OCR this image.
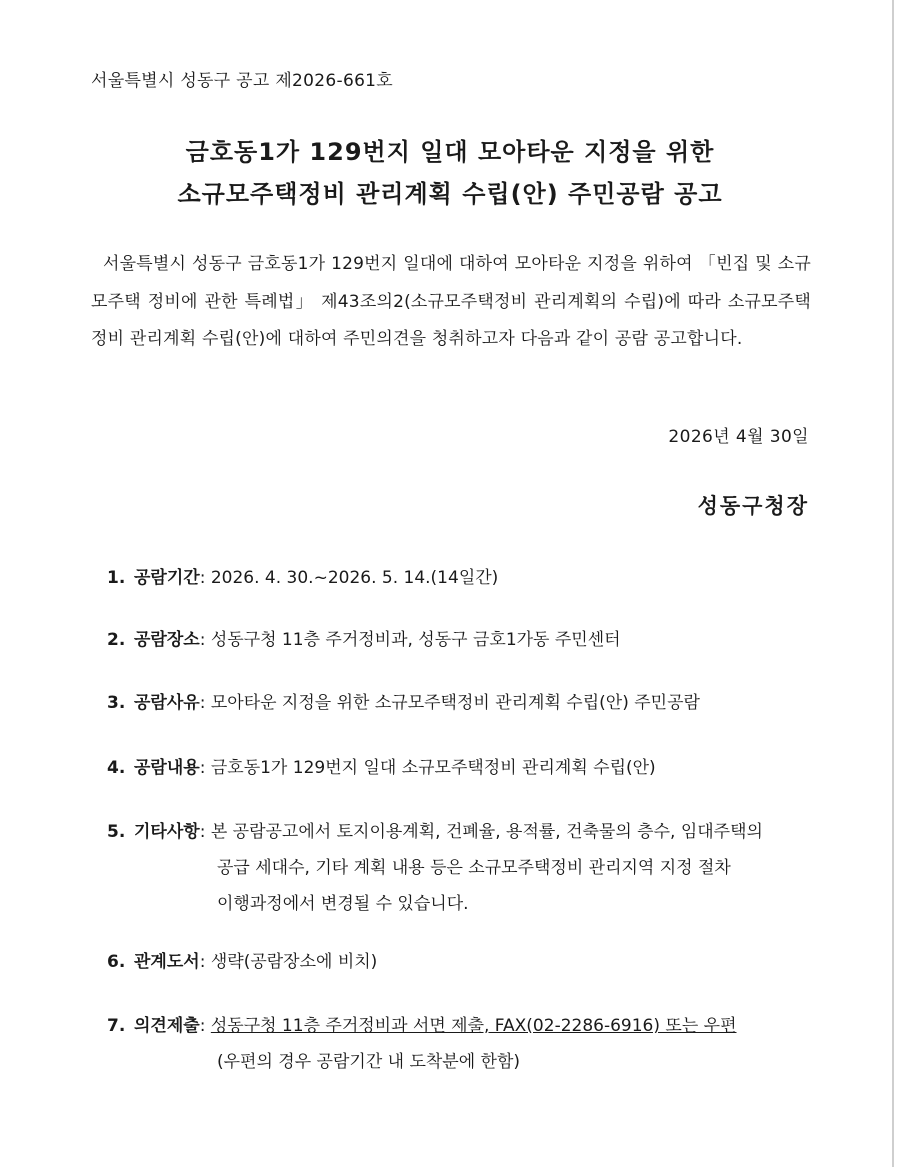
서울특별시 성동구 공고 제2026-661호
금호동1가 129번지 일대 모아타운 지정을 위한
소규모주택정비 관리계획 수립(안) 주민공람 공고
서울특별시 성동구 금호동1가 129번지 일대에 대하여 모아타운 지정을 위하여 「빈집 및 소규모주택 정비에 관한 특례법」 제43조의2(소규모주택정비 관리계획의 수립)에 따라 소규모주택정비 관리계획 수립(안)에 대하여 주민의견을 청취하고자 다음과 같이 공람 공고합니다.
2026년 4월 30일
성동구청장
1. 공람기간: 2026. 4. 30.~2026. 5. 14.(14일간)
2. 공람장소: 성동구청 11층 주거정비과, 성동구 금호1가동 주민센터
3. 공람사유: 모아타운 지정을 위한 소규모주택정비 관리계획 수립(안) 주민공람
4. 공람내용: 금호동1가 129번지 일대 소규모주택정비 관리계획 수립(안)
5. 기타사항: 본 공람공고에서 토지이용계획, 건폐율, 용적률, 건축물의 층수, 임대주택의
공급 세대수, 기타 계획 내용 등은 소규모주택정비 관리지역 지정 절차
이행과정에서 변경될 수 있습니다.
6. 관계도서: 생략(공람장소에 비치)
7. 의견제출: 성동구청 11층 주거정비과 서면 제출, FAX(02-2286-6916) 또는 우편
(우편의 경우 공람기간 내 도착분에 한함)
